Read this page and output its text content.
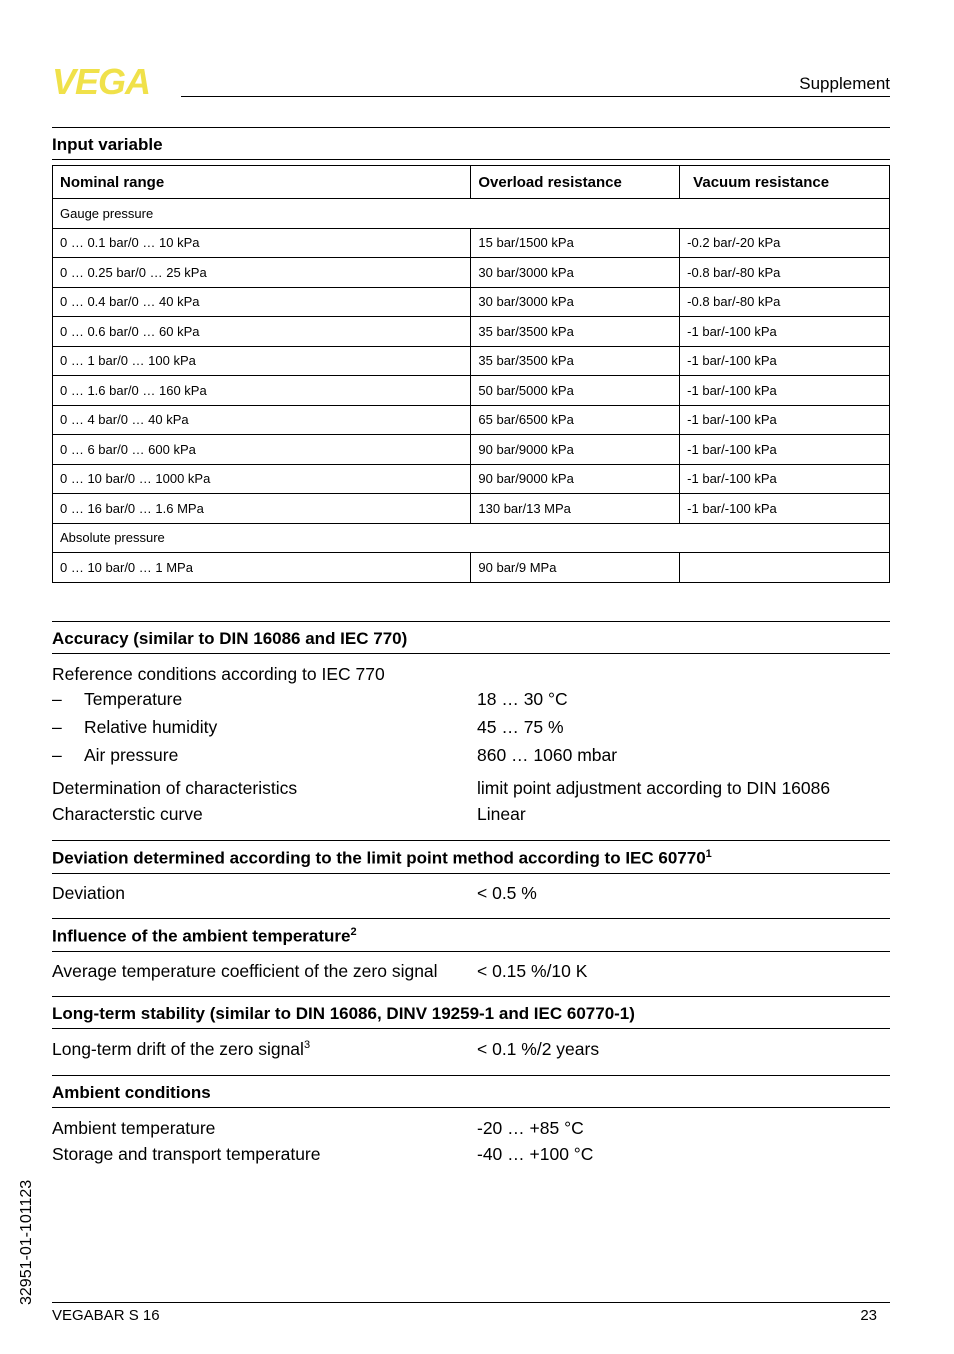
VEGA	Supplement
Input variable
Nominal range	Overload resistance	Vacuum resistance
Gauge pressure		
0 … 0.1 bar/0 … 10 kPa	15 bar/1500 kPa	-0.2 bar/-20 kPa
0 … 0.25 bar/0 … 25 kPa	30 bar/3000 kPa	-0.8 bar/-80 kPa
0 … 0.4 bar/0 … 40 kPa	30 bar/3000 kPa	-0.8 bar/-80 kPa
0 … 0.6 bar/0 … 60 kPa	35 bar/3500 kPa	-1 bar/-100 kPa
0 … 1 bar/0 … 100 kPa	35 bar/3500 kPa	-1 bar/-100 kPa
0 … 1.6 bar/0 … 160 kPa	50 bar/5000 kPa	-1 bar/-100 kPa
0 … 4 bar/0 … 40 kPa	65 bar/6500 kPa	-1 bar/-100 kPa
0 … 6 bar/0 … 600 kPa	90 bar/9000 kPa	-1 bar/-100 kPa
0 … 10 bar/0 … 1000 kPa	90 bar/9000 kPa	-1 bar/-100 kPa
0 … 16 bar/0 … 1.6 MPa	130 bar/13 MPa	-1 bar/-100 kPa
Absolute pressure		
0 … 10 bar/0 … 1 MPa	90 bar/9 MPa	
Accuracy (similar to DIN 16086 and IEC 770)
Reference conditions according to IEC 770
– Temperature	18 … 30 °C
– Relative humidity	45 … 75 %
– Air pressure	860 … 1060 mbar
Determination of characteristics	limit point adjustment according to DIN 16086
Characterstic curve	Linear
Deviation determined according to the limit point method according to IEC 60770$^1$
Deviation	< 0.5 %
Influence of the ambient temperature$^2$
Average temperature coefficient of the zero signal < 0.15 %/10 K
Long-term stability (similar to DIN 16086, DINV 19259-1 and IEC 60770-1)
Long-term drift of the zero signal$^3$	< 0.1 %/2 years
Ambient conditions
Ambient temperature	-20 … +85 °C
Storage and transport temperature	-40 … +100 °C
32951-01-101123
VEGABAR S 16	23
